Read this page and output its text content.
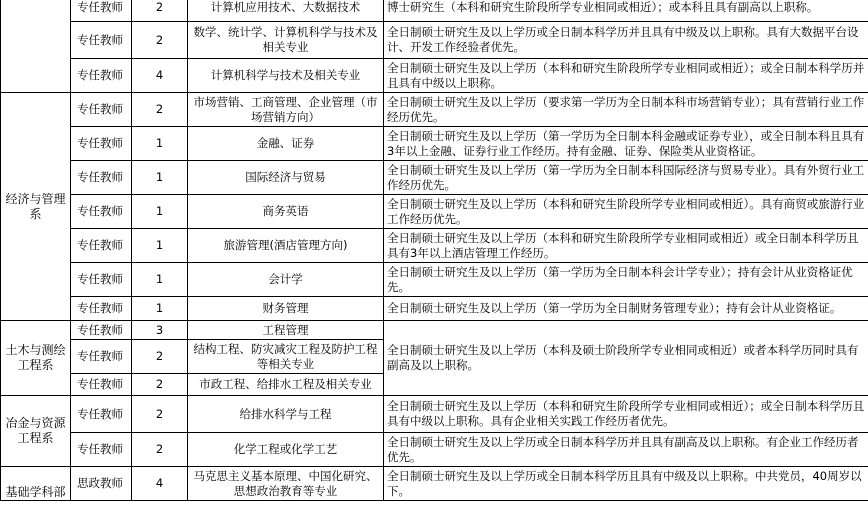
	专任教师	2	计算机应用技术、大数据技术	博士研究生（本科和研究生阶段所学专业相同或相近）；或本科且具有副高以上职称。
	专任教师	2	数学、统计学、计算机科学与技术及相关专业	全日制硕士研究生及以上学历或全日制本科学历并且具有中级及以上职称。具有大数据平台设计、开发工作经验者优先。
	专任教师	4	计算机科学与技术及相关专业	全日制硕士研究生及以上学历（本科和研究生阶段所学专业相同或相近）；或全日制本科学历并且具有中级以上职称。
经济与管理系	专任教师	2	市场营销、工商管理、企业管理（市场营销方向）	全日制硕士研究生及以上学历（要求第一学历为全日制本科市场营销专业）；具有营销行业工作经历优先。
	专任教师	1	金融、证券	全日制硕士研究生及以上学历（第一学历为全日制本科金融或证券专业），或全日制本科且具有3年以上金融、证券行业工作经历。持有金融、证券、保险类从业资格证。
	专任教师	1	国际经济与贸易	全日制硕士研究生及以上学历（第一学历为全日制本科国际经济与贸易专业）。具有外贸行业工作经历优先。
	专任教师	1	商务英语	全日制硕士研究生及以上学历（本科和研究生阶段所学专业相同或相近）。具有商贸或旅游行业工作经历优先。
	专任教师	1	旅游管理(酒店管理方向)	全日制硕士研究生及以上学历（本科和研究生阶段所学专业相同或相近）或全日制本科学历且具有3年以上酒店管理工作经历。
	专任教师	1	会计学	全日制硕士研究生及以上学历（第一学历为全日制本科会计学专业）；持有会计从业资格证优先。
	专任教师	1	财务管理	全日制硕士研究生及以上学历（第一学历为全日制财务管理专业）；持有会计从业资格证。
土木与测绘工程系	专任教师	3	工程管理	全日制硕士研究生及以上学历（本科及硕士阶段所学专业相同或相近）或者本科学历同时具有副高及以上职称。
	专任教师	2	结构工程、防灾减灾工程及防护工程等相关专业	
	专任教师	2	市政工程、给排水工程及相关专业	
冶金与资源工程系	专任教师	2	给排水科学与工程	全日制硕士研究生及以上学历（本科和研究生阶段所学专业相同或相近）；或全日制本科学历且具有中级以上职称。具有企业相关实践工作经历者优先。
	专任教师	2	化学工程或化学工艺	全日制硕士研究生及以上学历或全日制本科学历并且具有副高及以上职称。有企业工作经历者优先。
基础学科部	思政教师	4	马克思主义基本原理、中国化研究、思想政治教育等专业	全日制硕士研究生及以上学历或全日制本科学历且具有中级及以上职称。中共党员，40周岁以下。
